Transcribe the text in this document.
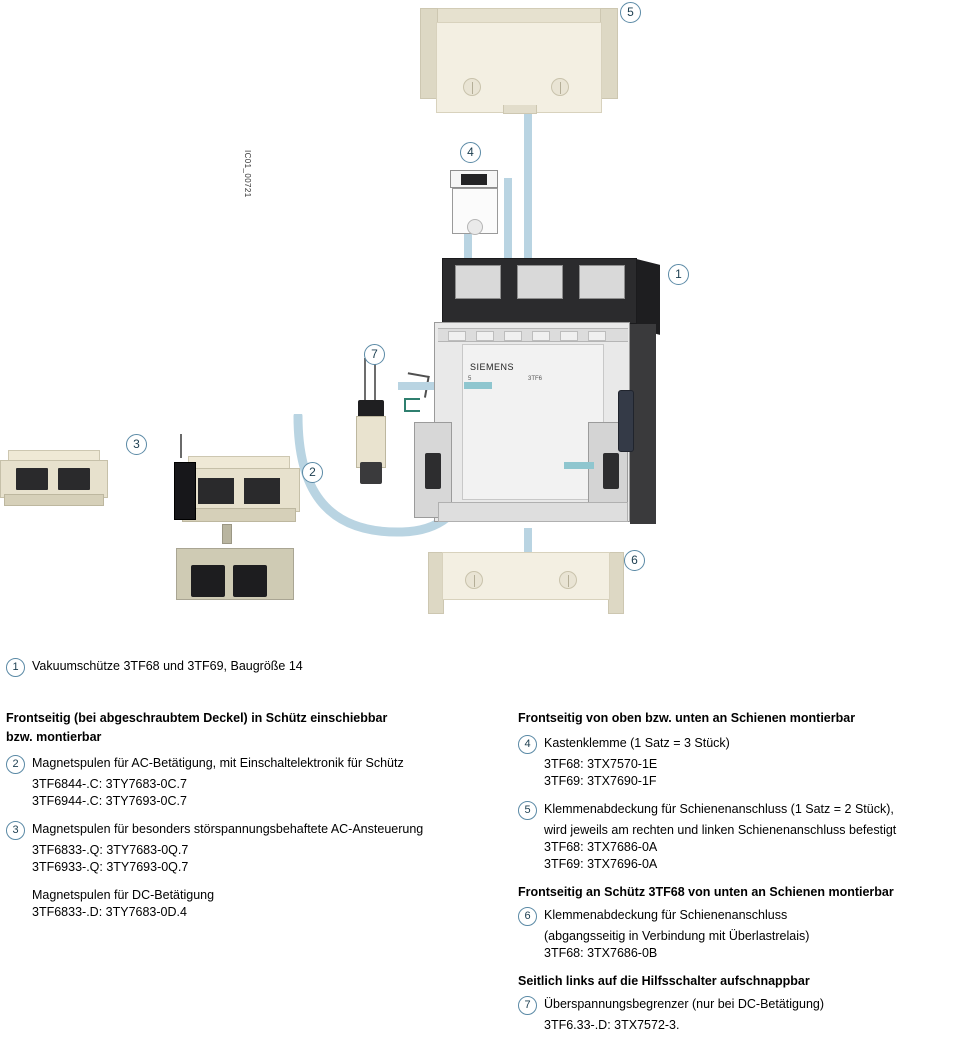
5
4
SIEMENS
5	3TF6
1
IC01_00721
7
3
2
6
1	Vakuumschütze 3TF68 und 3TF69, Baugröße 14
Frontseitig (bei abgeschraubtem Deckel) in Schütz einschiebbar
bzw. montierbar
2	Magnetspulen für AC-Betätigung, mit Einschaltelektronik für Schütz
3TF6844-.C: 3TY7683-0C.7
3TF6944-.C: 3TY7693-0C.7
3	Magnetspulen für besonders störspannungsbehaftete AC-Ansteuerung
3TF6833-.Q: 3TY7683-0Q.7
3TF6933-.Q: 3TY7693-0Q.7
Magnetspulen für DC-Betätigung
3TF6833-.D: 3TY7683-0D.4
Frontseitig von oben bzw. unten an Schienen montierbar
4	Kastenklemme (1 Satz = 3 Stück)
3TF68: 3TX7570-1E
3TF69: 3TX7690-1F
5	Klemmenabdeckung für Schienenanschluss (1 Satz = 2 Stück),
wird jeweils am rechten und linken Schienenanschluss befestigt
3TF68: 3TX7686-0A
3TF69: 3TX7696-0A
Frontseitig an Schütz 3TF68 von unten an Schienen montierbar
6	Klemmenabdeckung für Schienenanschluss
(abgangsseitig in Verbindung mit Überlastrelais)
3TF68: 3TX7686-0B
Seitlich links auf die Hilfsschalter aufschnappbar
7	Überspannungsbegrenzer (nur bei DC-Betätigung)
3TF6.33-.D: 3TX7572-3.
